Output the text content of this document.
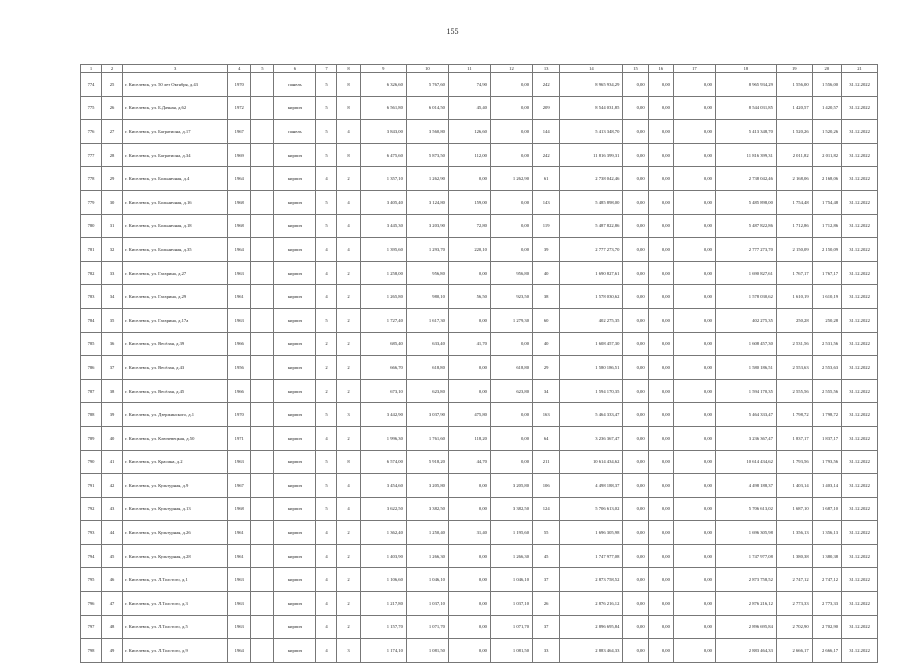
155
1	2	3	4	5	6	7	8	9	10	11	12	13	14	15	16	17	18	19	20	21
774	25	г. Киселевск, ул. 50 лет Октября, д.43	1970		панель	5	8	6 326,60	5 767,60	74,90	0,00	242	8 965 934,29	0,00	0,00	0,00	8 965 934,29	1 556,00	1 556,00	31.12.2022
775	26	г. Киселевск, ул. Б.Дачная, д.62	1972		кирпич	5	8	6 561,80	6 014,50	45,40	0,00	209	8 544 031,85	0,00	0,00	0,00	8 544 031,85	1 420,57	1 420,57	31.12.2022
776	27	г. Киселевск, ул. Багратиона, д.17	1967		панель	5	4	3 843,00	3 560,80	126,60	0,00	144	5 413 348,70	0,00	0,00	0,00	5 413 348,70	1 520,26	1 520,26	31.12.2022
777	28	г. Киселевск, ул. Багратиона, д.34	1969		кирпич	5	8	6 475,60	5 873,50	112,00	0,00	242	11 816 399,31	0,00	0,00	0,00	11 816 399,31	2 011,82	2 011,82	31.12.2022
778	29	г. Киселевск, ул. Больничная, д.4	1964		кирпич	4	2	1 357,10	1 262,90	0,00	1 262,90	61	2 738 042,46	0,00	0,00	0,00	2 738 042,46	2 168,06	2 168,06	31.12.2022
779	30	г. Киселевск, ул. Больничная, д.16	1968		кирпич	5	4	3 405,40	3 124,80	159,00	0,00	143	5 485 898,00	0,00	0,00	0,00	5 485 898,00	1 754,48	1 754,48	31.12.2022
780	31	г. Киселевск, ул. Больничная, д.18	1968		кирпич	5	4	3 445,30	3 203,90	72,80	0,00	119	5 487 822,86	0,00	0,00	0,00	5 487 822,86	1 712,86	1 712,86	31.12.2022
781	32	г. Киселевск, ул. Больничная, д.35	1964		кирпич	4	4	1 395,60	1 293,70	220,10	0,00	39	2 777 273,70	0,00	0,00	0,00	2 777 273,70	2 150,09	2 150,09	31.12.2022
782	33	г. Киселевск, ул. Гагарина, д.27	1963		кирпич	4	2	1 258,00	956,80	0,00	956,80	40	1 690 827,61	0,00	0,00	0,00	1 690 827,61	1 767,17	1 767,17	31.12.2022
783	34	г. Киселевск, ул. Гагарина, д.29	1961		кирпич	4	2	1 265,80	980,10	56,50	923,50	38	1 578 030,62	0,00	0,00	0,00	1 578 030,62	1 610,19	1 610,19	31.12.2022
784	35	г. Киселевск, ул. Гагарина, д.17а	1963		кирпич	5	2	1 727,40	1 617,30	0,00	1 279,30	60	402 275,35	0,00	0,00	0,00	402 275,35	250,28	250,28	31.12.2022
785	36	г. Киселевск, ул. Весёлая, д.39	1966		кирпич	2	2	685,40	633,40	41,70	0,00	40	1 608 457,30	0,00	0,00	0,00	1 608 457,30	2 531,56	2 531,56	31.12.2022
786	37	г. Киселевск, ул. Весёлая, д.43	1956		кирпич	2	2	666,70	618,80	0,00	618,80	29	1 580 186,51	0,00	0,00	0,00	1 580 186,51	2 553,63	2 553,63	31.12.2022
787	38	г. Киселевск, ул. Весёлая, д.45	1966		кирпич	2	2	673,10	623,80	0,00	623,80	34	1 594 170,35	0,00	0,00	0,00	1 594 170,35	2 555,56	2 555,56	31.12.2022
788	39	г. Киселевск, ул. Дзержинского, д.1	1970		кирпич	5	3	3 442,90	3 037,90	475,80	0,00	163	5 464 333,47	0,00	0,00	0,00	5 464 333,47	1 798,72	1 798,72	31.12.2022
789	40	г. Киселевск, ул. Ключевецкая, д.50	1971		кирпич	4	2	1 996,30	1 761,60	118,20	0,00	64	3 236 367,47	0,00	0,00	0,00	3 236 367,47	1 837,17	1 837,17	31.12.2022
790	41	г. Киселевск, ул. Красина, д.2	1963		кирпич	5	8	6 574,00	5 918,20	44,70	0,00	211	10 614 434,62	0,00	0,00	0,00	10 614 434,62	1 793,56	1 793,56	31.12.2022
791	42	г. Киселевск, ул. Культурная, д.9	1967		кирпич	5	4	3 454,60	3 205,80	0,00	3 205,80	106	4 498 188,37	0,00	0,00	0,00	4 498 188,37	1 403,14	1 403,14	31.12.2022
792	43	г. Киселевск, ул. Культурная, д.13	1968		кирпич	5	4	3 622,50	3 382,50	0,00	3 382,50	124	5 706 613,02	0,00	0,00	0,00	5 706 613,02	1 687,10	1 687,10	31.12.2022
793	44	г. Киселевск, ул. Культурная, д.26	1961		кирпич	4	2	1 362,40	1 250,40	31,40	1 195,60	55	1 696 305,98	0,00	0,00	0,00	1 696 305,98	1 356,13	1 356,13	31.12.2022
794	45	г. Киселевск, ул. Культурная, д.28	1961		кирпич	4	2	1 403,90	1 266,30	0,00	1 266,30	45	1 747 977,08	0,00	0,00	0,00	1 747 977,08	1 380,38	1 380,38	31.12.2022
795	46	г. Киселевск, ул. Л.Толстого, д.1	1963		кирпич	4	2	1 106,60	1 046,10	0,00	1 046,10	37	2 873 758,52	0,00	0,00	0,00	2 873 758,52	2 747,12	2 747,12	31.12.2022
796	47	г. Киселевск, ул. Л.Толстого, д.3	1963		кирпич	4	2	1 217,80	1 037,10	0,00	1 037,10	26	2 876 216,12	0,00	0,00	0,00	2 876 216,12	2 773,33	2 773,33	31.12.2022
797	48	г. Киселевск, ул. Л.Толстого, д.5	1963		кирпич	4	2	1 157,70	1 071,70	0,00	1 071,70	37	2 896 695,84	0,00	0,00	0,00	2 896 695,84	2 702,90	2 702,90	31.12.2022
798	49	г. Киселевск, ул. Л.Толстого, д.9	1964		кирпич	4	3	1 174,10	1 081,50	0,00	1 081,50	33	2 883 464,33	0,00	0,00	0,00	2 883 464,33	2 666,17	2 666,17	31.12.2022
